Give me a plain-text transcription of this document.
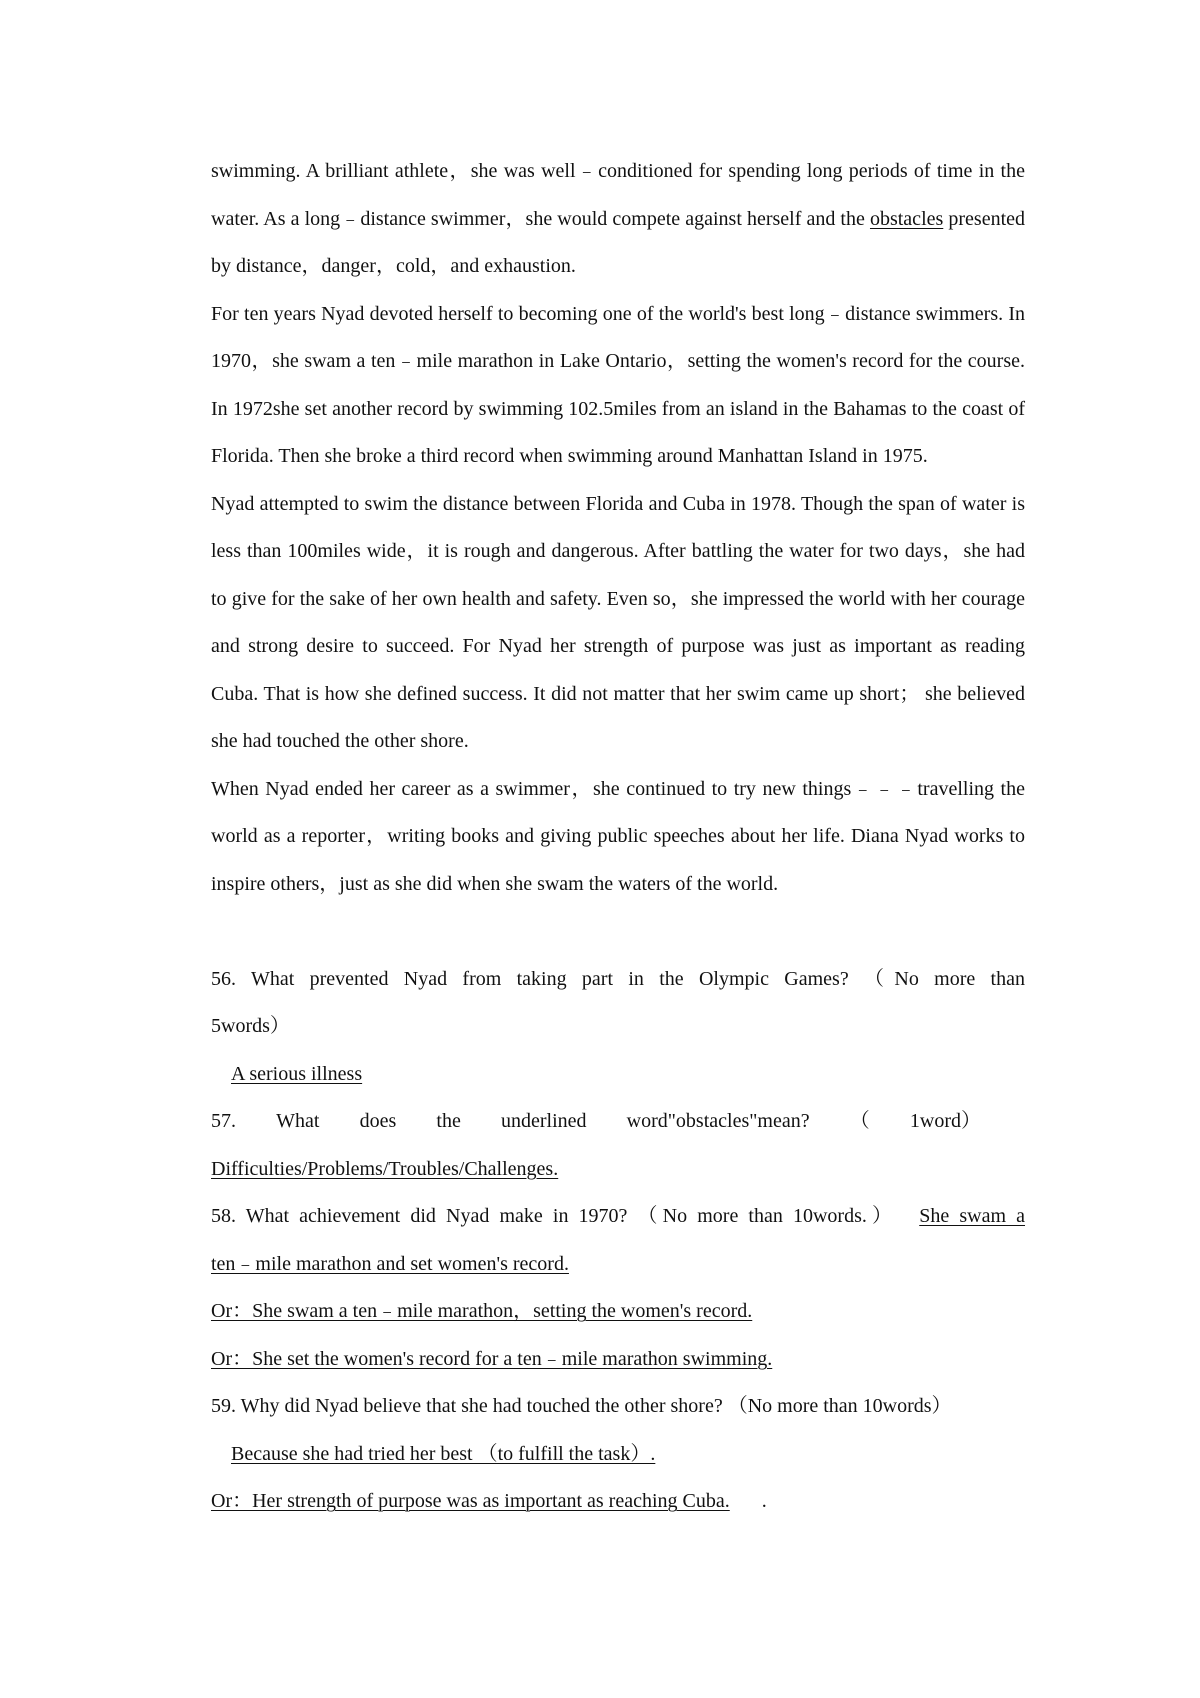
swimming. A brilliant athlete，she was well﹣conditioned for spending long periods of time in the water. As a long﹣distance swimmer，she would compete against herself and the obstacles presented by distance，danger，cold，and exhaustion.

For ten years Nyad devoted herself to becoming one of the world's best long﹣distance swimmers. In 1970，she swam a ten﹣mile marathon in Lake Ontario，setting the women's record for the course. In 1972she set another record by swimming 102.5miles from an island in the Bahamas to the coast of Florida. Then she broke a third record when swimming around Manhattan Island in 1975.

Nyad attempted to swim the distance between Florida and Cuba in 1978. Though the span of water is less than 100miles wide，it is rough and dangerous. After battling the water for two days，she had to give for the sake of her own health and safety. Even so，she impressed the world with her courage and strong desire to succeed. For Nyad her strength of purpose was just as important as reading Cuba. That is how she defined success. It did not matter that her swim came up short； she believed she had touched the other shore.

When Nyad ended her career as a swimmer，she continued to try new things﹣﹣﹣travelling the world as a reporter，writing books and giving public speeches about her life. Diana Nyad works to inspire others，just as she did when she swam the waters of the world.

56. What prevented Nyad from taking part in the Olympic Games? （No more than

5words）

A serious illness

57. What does the underlined word"obstacles"mean? （ 1word）

Difficulties/Problems/Troubles/Challenges.

58. What achievement did Nyad make in 1970? （No more than 10words.） She swam a

ten﹣mile marathon and set women's record.

Or：She swam a ten﹣mile marathon，setting the women's record.

Or：She set the women's record for a ten﹣mile marathon swimming.

59. Why did Nyad believe that she had touched the other shore? （No more than 10words）

Because she had tried her best （to fulfill the task）.

Or：Her strength of purpose was as important as reaching Cuba. .
